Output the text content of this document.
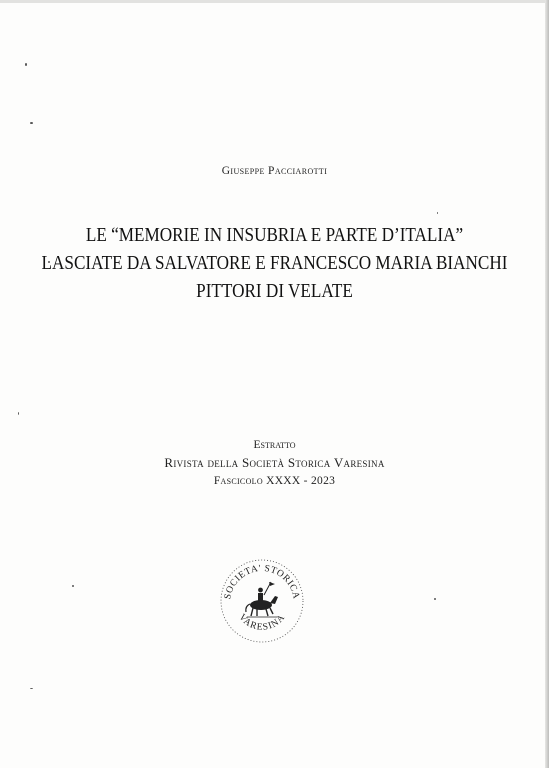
Giuseppe Pacciarotti
LE “MEMORIE IN INSUBRIA E PARTE D’ITALIA”
LASCIATE DA SALVATORE E FRANCESCO MARIA BIANCHI
PITTORI DI VELATE
Estratto
Rivista della Società Storica Varesina
Fascicolo XXXX - 2023
SOCIETA' STORICA
VARESINA
